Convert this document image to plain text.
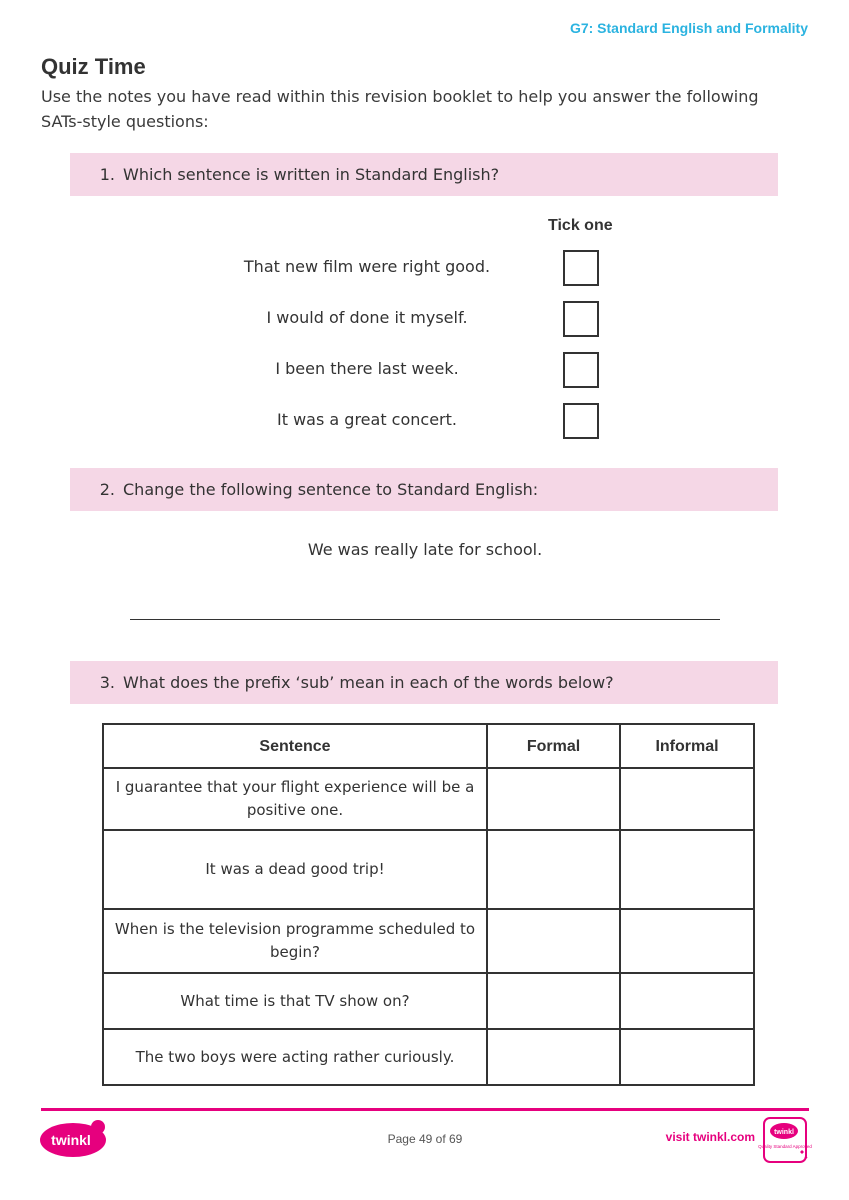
G7: Standard English and Formality
Quiz Time
Use the notes you have read within this revision booklet to help you answer the following SATs-style questions:
1. Which sentence is written in Standard English?
Tick one
That new film were right good.
I would of done it myself.
I been there last week.
It was a great concert.
2. Change the following sentence to Standard English:
We was really late for school.
3. What does the prefix ‘sub’ mean in each of the words below?
Sentence	Formal	Informal
I guarantee that your flight experience will be a positive one.		
It was a dead good trip!		
When is the television programme scheduled to begin?		
What time is that TV show on?		
The two boys were acting rather curiously.		
twinkl	Page 49 of 69	visit twinkl.com	twinkl
Quality Standard Approved
